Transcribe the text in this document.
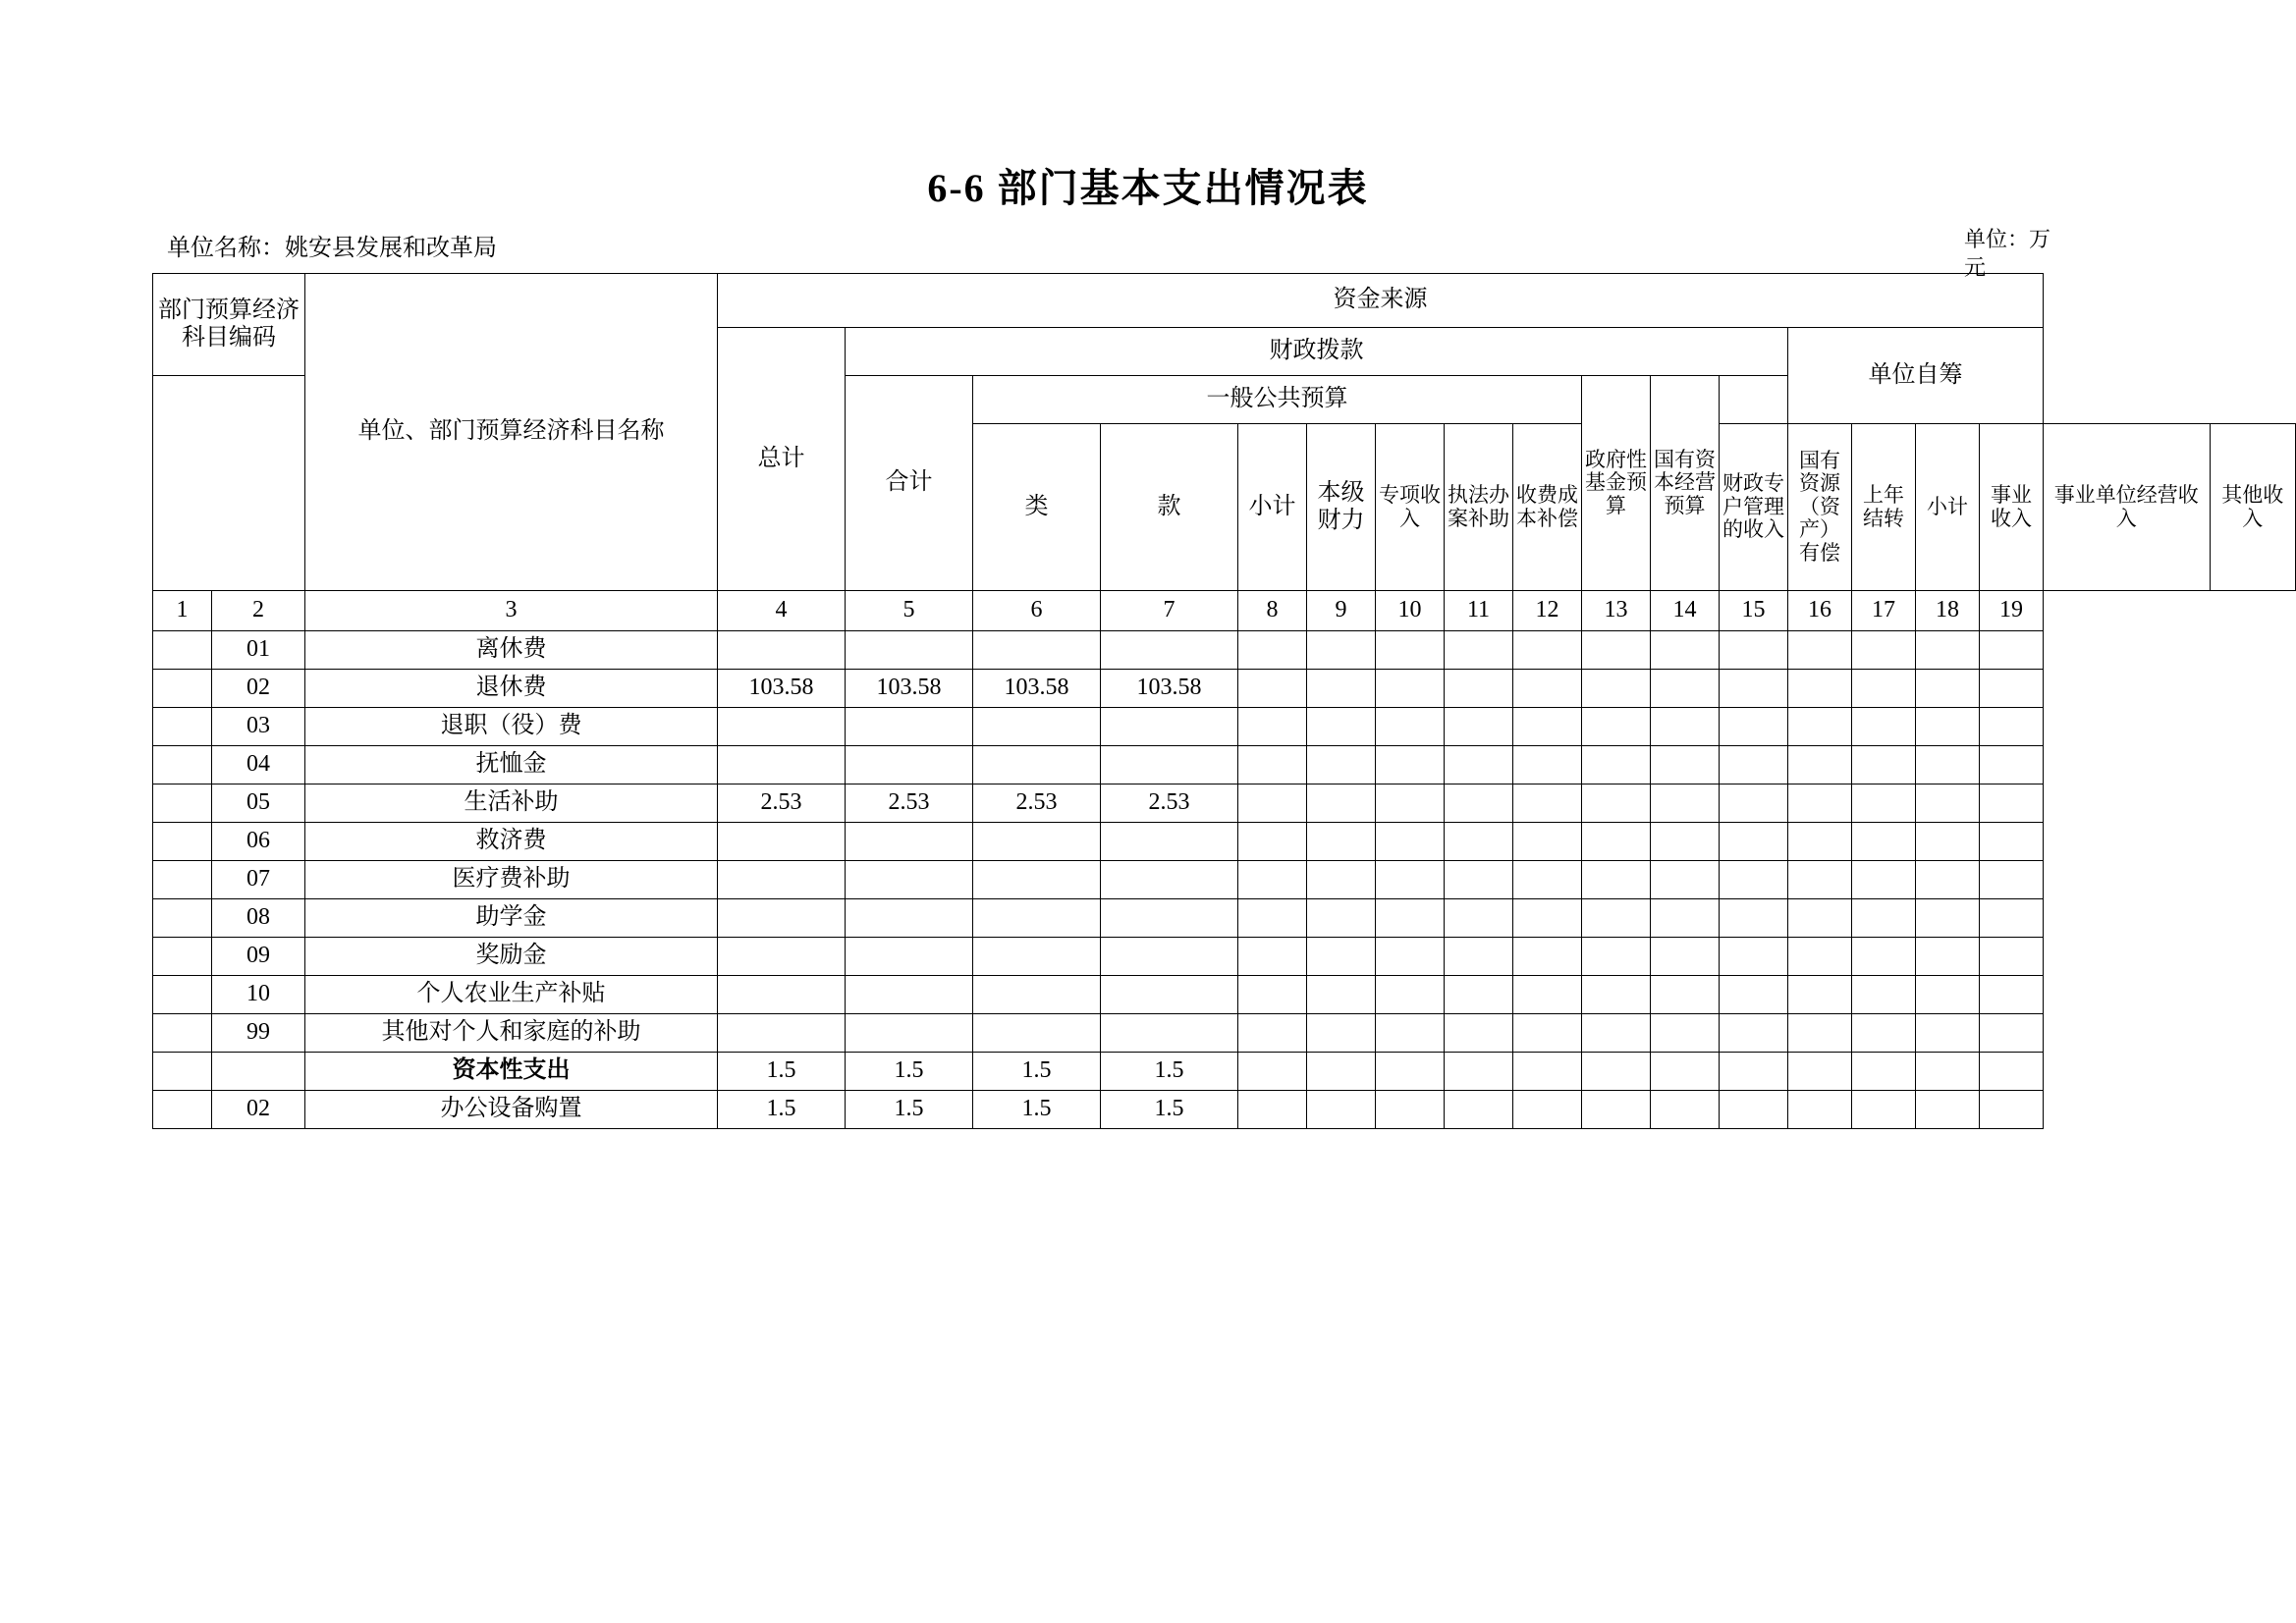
6-6 部门基本支出情况表
单位名称：姚安县发展和改革局	单位：万
元
部门预算经济科目编码		单位、部门预算经济科目名称	资金来源																	
			总计	财政拨款											单位自筹					
				合计	一般公共预算							政府性基金预算	国有资本经营预算							

					类	款	小计	本级财力	专项收入	执法办案补助	收费成本补偿			财政专户管理的收入	国有资源（资产）有偿	上年结转	小计	事业收入	事业单位经营收入	其他收入

1	2	3	4	5	6	7	8	9	10	11	12	13	14	15	16	17	18	19		
	01	离休费																		
	02	退休费	103.58	103.58	103.58	103.58														
	03	退职（役）费																		
	04	抚恤金																		
	05	生活补助	2.53	2.53	2.53	2.53														
	06	救济费																		
	07	医疗费补助																		
	08	助学金																		
	09	奖励金																		
	10	个人农业生产补贴																		
	99	其他对个人和家庭的补助																		
		资本性支出	1.5	1.5	1.5	1.5														
	02	办公设备购置	1.5	1.5	1.5	1.5														
